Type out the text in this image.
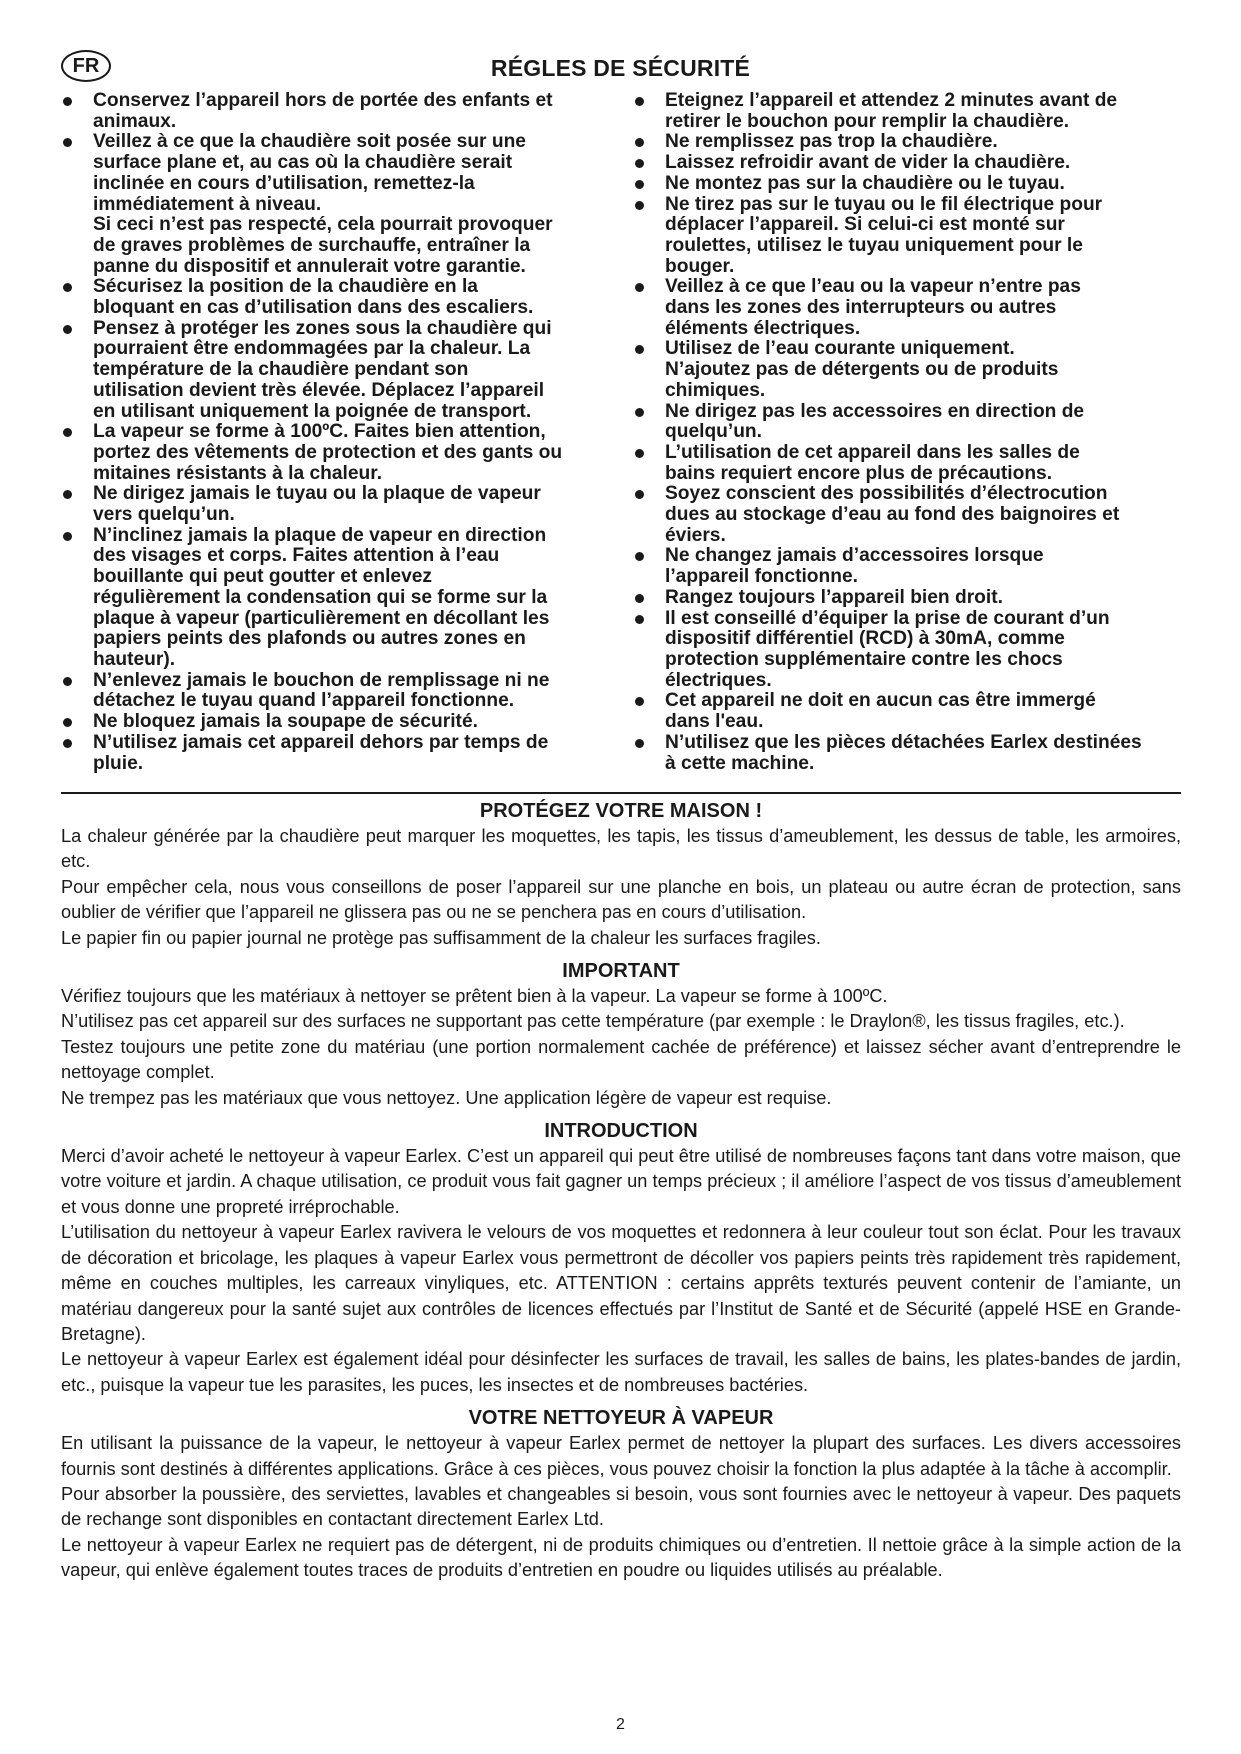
FR	RÉGLES DE SÉCURITÉ
Conservez l’appareil hors de portée des enfants et
animaux.
Veillez à ce que la chaudière soit posée sur une
surface plane et, au cas où la chaudière serait
inclinée en cours d’utilisation, remettez-la
immédiatement à niveau.
Si ceci n’est pas respecté, cela pourrait provoquer
de graves problèmes de surchauffe, entraîner la
panne du dispositif et annulerait votre garantie.
Sécurisez la position de la chaudière en la
bloquant en cas d’utilisation dans des escaliers.
Pensez à protéger les zones sous la chaudière qui
pourraient être endommagées par la chaleur. La
température de la chaudière pendant son
utilisation devient très élevée. Déplacez l’appareil
en utilisant uniquement la poignée de transport.
La vapeur se forme à 100ºC. Faites bien attention,
portez des vêtements de protection et des gants ou
mitaines résistants à la chaleur.
Ne dirigez jamais le tuyau ou la plaque de vapeur
vers quelqu’un.
N’inclinez jamais la plaque de vapeur en direction
des visages et corps. Faites attention à l’eau
bouillante qui peut goutter et enlevez
régulièrement la condensation qui se forme sur la
plaque à vapeur (particulièrement en décollant les
papiers peints des plafonds ou autres zones en
hauteur).
N’enlevez jamais le bouchon de remplissage ni ne
détachez le tuyau quand l’appareil fonctionne.
Ne bloquez jamais la soupape de sécurité.
N’utilisez jamais cet appareil dehors par temps de
pluie.
Eteignez l’appareil et attendez 2 minutes avant de
retirer le bouchon pour remplir la chaudière.
Ne remplissez pas trop la chaudière.
Laissez refroidir avant de vider la chaudière.
Ne montez pas sur la chaudière ou le tuyau.
Ne tirez pas sur le tuyau ou le fil électrique pour
déplacer l’appareil. Si celui-ci est monté sur
roulettes, utilisez le tuyau uniquement pour le
bouger.
Veillez à ce que l’eau ou la vapeur n’entre pas
dans les zones des interrupteurs ou autres
éléments électriques.
Utilisez de l’eau courante uniquement.
N’ajoutez pas de détergents ou de produits
chimiques.
Ne dirigez pas les accessoires en direction de
quelqu’un.
L’utilisation de cet appareil dans les salles de
bains requiert encore plus de précautions.
Soyez conscient des possibilités d’électrocution
dues au stockage d’eau au fond des baignoires et
éviers.
Ne changez jamais d’accessoires lorsque
l’appareil fonctionne.
Rangez toujours l’appareil bien droit.
Il est conseillé d’équiper la prise de courant d’un
dispositif différentiel (RCD) à 30mA, comme
protection supplémentaire contre les chocs
électriques.
Cet appareil ne doit en aucun cas être immergé
dans l'eau.
N’utilisez que les pièces détachées Earlex destinées
à cette machine.
PROTÉGEZ VOTRE MAISON !

La chaleur générée par la chaudière peut marquer les moquettes, les tapis, les tissus d’ameublement, les dessus de table, les armoires, etc.

Pour empêcher cela, nous vous conseillons de poser l’appareil sur une planche en bois, un plateau ou autre écran de protection, sans oublier de vérifier que l’appareil ne glissera pas ou ne se penchera pas en cours d’utilisation.

Le papier fin ou papier journal ne protège pas suffisamment de la chaleur les surfaces fragiles.

IMPORTANT

Vérifiez toujours que les matériaux à nettoyer se prêtent bien à la vapeur. La vapeur se forme à 100ºC.

N’utilisez pas cet appareil sur des surfaces ne supportant pas cette température (par exemple : le Draylon®, les tissus fragiles, etc.).

Testez toujours une petite zone du matériau (une portion normalement cachée de préférence) et laissez sécher avant d’entreprendre le nettoyage complet.

Ne trempez pas les matériaux que vous nettoyez. Une application légère de vapeur est requise.

INTRODUCTION

Merci d’avoir acheté le nettoyeur à vapeur Earlex. C’est un appareil qui peut être utilisé de nombreuses façons tant dans votre maison, que votre voiture et jardin. A chaque utilisation, ce produit vous fait gagner un temps précieux ; il améliore l’aspect de vos tissus d’ameublement et vous donne une propreté irréprochable.

L’utilisation du nettoyeur à vapeur Earlex ravivera le velours de vos moquettes et redonnera à leur couleur tout son éclat. Pour les travaux de décoration et bricolage, les plaques à vapeur Earlex vous permettront de décoller vos papiers peints très rapidement très rapidement, même en couches multiples, les carreaux vinyliques, etc. ATTENTION : certains apprêts texturés peuvent contenir de l’amiante, un matériau dangereux pour la santé sujet aux contrôles de licences effectués par l’Institut de Santé et de Sécurité (appelé HSE en Grande-Bretagne).

Le nettoyeur à vapeur Earlex est également idéal pour désinfecter les surfaces de travail, les salles de bains, les plates-bandes de jardin, etc., puisque la vapeur tue les parasites, les puces, les insectes et de nombreuses bactéries.

VOTRE NETTOYEUR À VAPEUR

En utilisant la puissance de la vapeur, le nettoyeur à vapeur Earlex permet de nettoyer la plupart des surfaces. Les divers accessoires fournis sont destinés à différentes applications. Grâce à ces pièces, vous pouvez choisir la fonction la plus adaptée à la tâche à accomplir.

Pour absorber la poussière, des serviettes, lavables et changeables si besoin, vous sont fournies avec le nettoyeur à vapeur. Des paquets de rechange sont disponibles en contactant directement Earlex Ltd.

Le nettoyeur à vapeur Earlex ne requiert pas de détergent, ni de produits chimiques ou d’entretien. Il nettoie grâce à la simple action de la vapeur, qui enlève également toutes traces de produits d’entretien en poudre ou liquides utilisés au préalable.

2
